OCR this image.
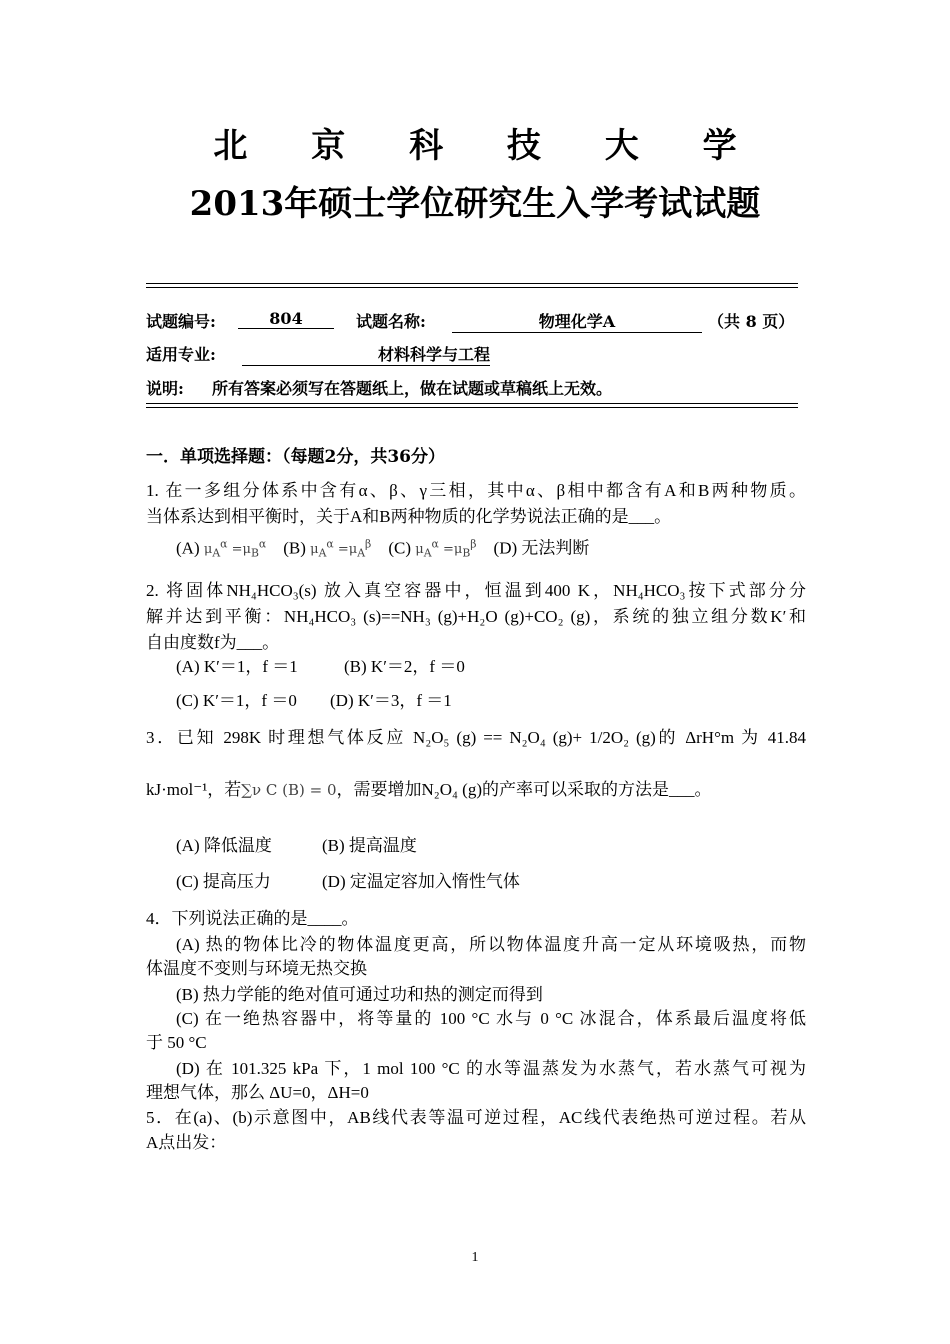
北 京 科 技 大 学
2013年硕士学位研究生入学考试试题
试题编号:	804	试题名称:	物理化学A	（共 8 页）
适用专业:	材料科学与工程
说明: 所有答案必须写在答题纸上，做在试题或草稿纸上无效。
一．单项选择题：（每题2分，共36分）
1. 在一多组分体系中含有α、β、γ三相，其中α、β相中都含有A和B两种物质。
当体系达到相平衡时，关于A和B两种物质的化学势说法正确的是___。
(A) $\mu_A^\alpha =\mu_B^\alpha$ (B) $\mu_A^\alpha =\mu_A^\beta$ (C) $\mu_A^\alpha =\mu_B^\beta$ (D) 无法判断
2. 将固体NH₄HCO₃(s) 放入真空容器中，恒温到400 K，NH₄HCO₃按下式部分分
解并达到平衡：NH₄HCO₃ (s)==NH₃ (g)+H₂O (g)+CO₂ (g)，系统的独立组分数K′和
自由度数f为___。
(A) K′＝1，f ＝1	(B) K′＝2，f ＝0
(C) K′＝1，f ＝0 (D) K′＝3，f ＝1
3．已知 298K 时理想气体反应 N₂O₅ (g) == N₂O₄ (g)+ 1/2O₂ (g)的 ΔrH°m 为 41.84
kJ·mol⁻¹，若∑ν C (B) = 0，需要增加N₂O₄ (g)的产率可以采取的方法是___。
(A) 降低温度	(B) 提高温度
(C) 提高压力	(D) 定温定容加入惰性气体
4．下列说法正确的是____。
(A) 热的物体比冷的物体温度更高，所以物体温度升高一定从环境吸热，而物
体温度不变则与环境无热交换
(B) 热力学能的绝对值可通过功和热的测定而得到
(C) 在一绝热容器中，将等量的 100 °C 水与 0 °C 冰混合，体系最后温度将低
于 50 °C
(D) 在 101.325 kPa 下，1 mol 100 °C 的水等温蒸发为水蒸气，若水蒸气可视为
理想气体，那么 ΔU=0，ΔH=0
5．在(a)、(b)示意图中，AB线代表等温可逆过程，AC线代表绝热可逆过程。若从
A点出发：
1
